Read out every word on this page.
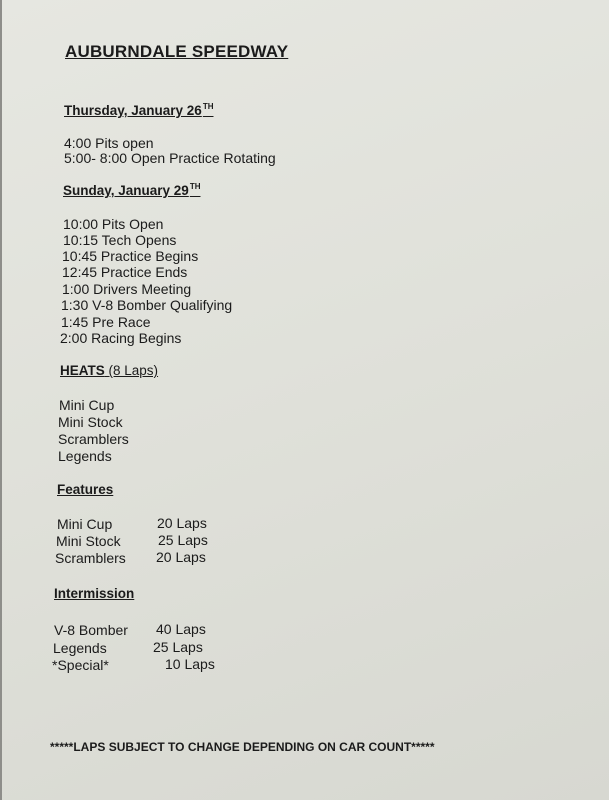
AUBURNDALE SPEEDWAY
Thursday, January 26TH
4:00 Pits open
5:00- 8:00 Open Practice Rotating
Sunday, January 29TH
10:00 Pits Open
10:15 Tech Opens
10:45 Practice Begins
12:45 Practice Ends
1:00 Drivers Meeting
1:30 V-8 Bomber Qualifying
1:45 Pre Race
2:00 Racing Begins
HEATS (8 Laps)
Mini Cup
Mini Stock
Scramblers
Legends
Features
Mini Cup	20 Laps
Mini Stock	25 Laps
Scramblers 20 Laps
Intermission
V-8 Bomber 40 Laps
Legends	25 Laps
*Special*	10 Laps
*****LAPS SUBJECT TO CHANGE DEPENDING ON CAR COUNT*****
